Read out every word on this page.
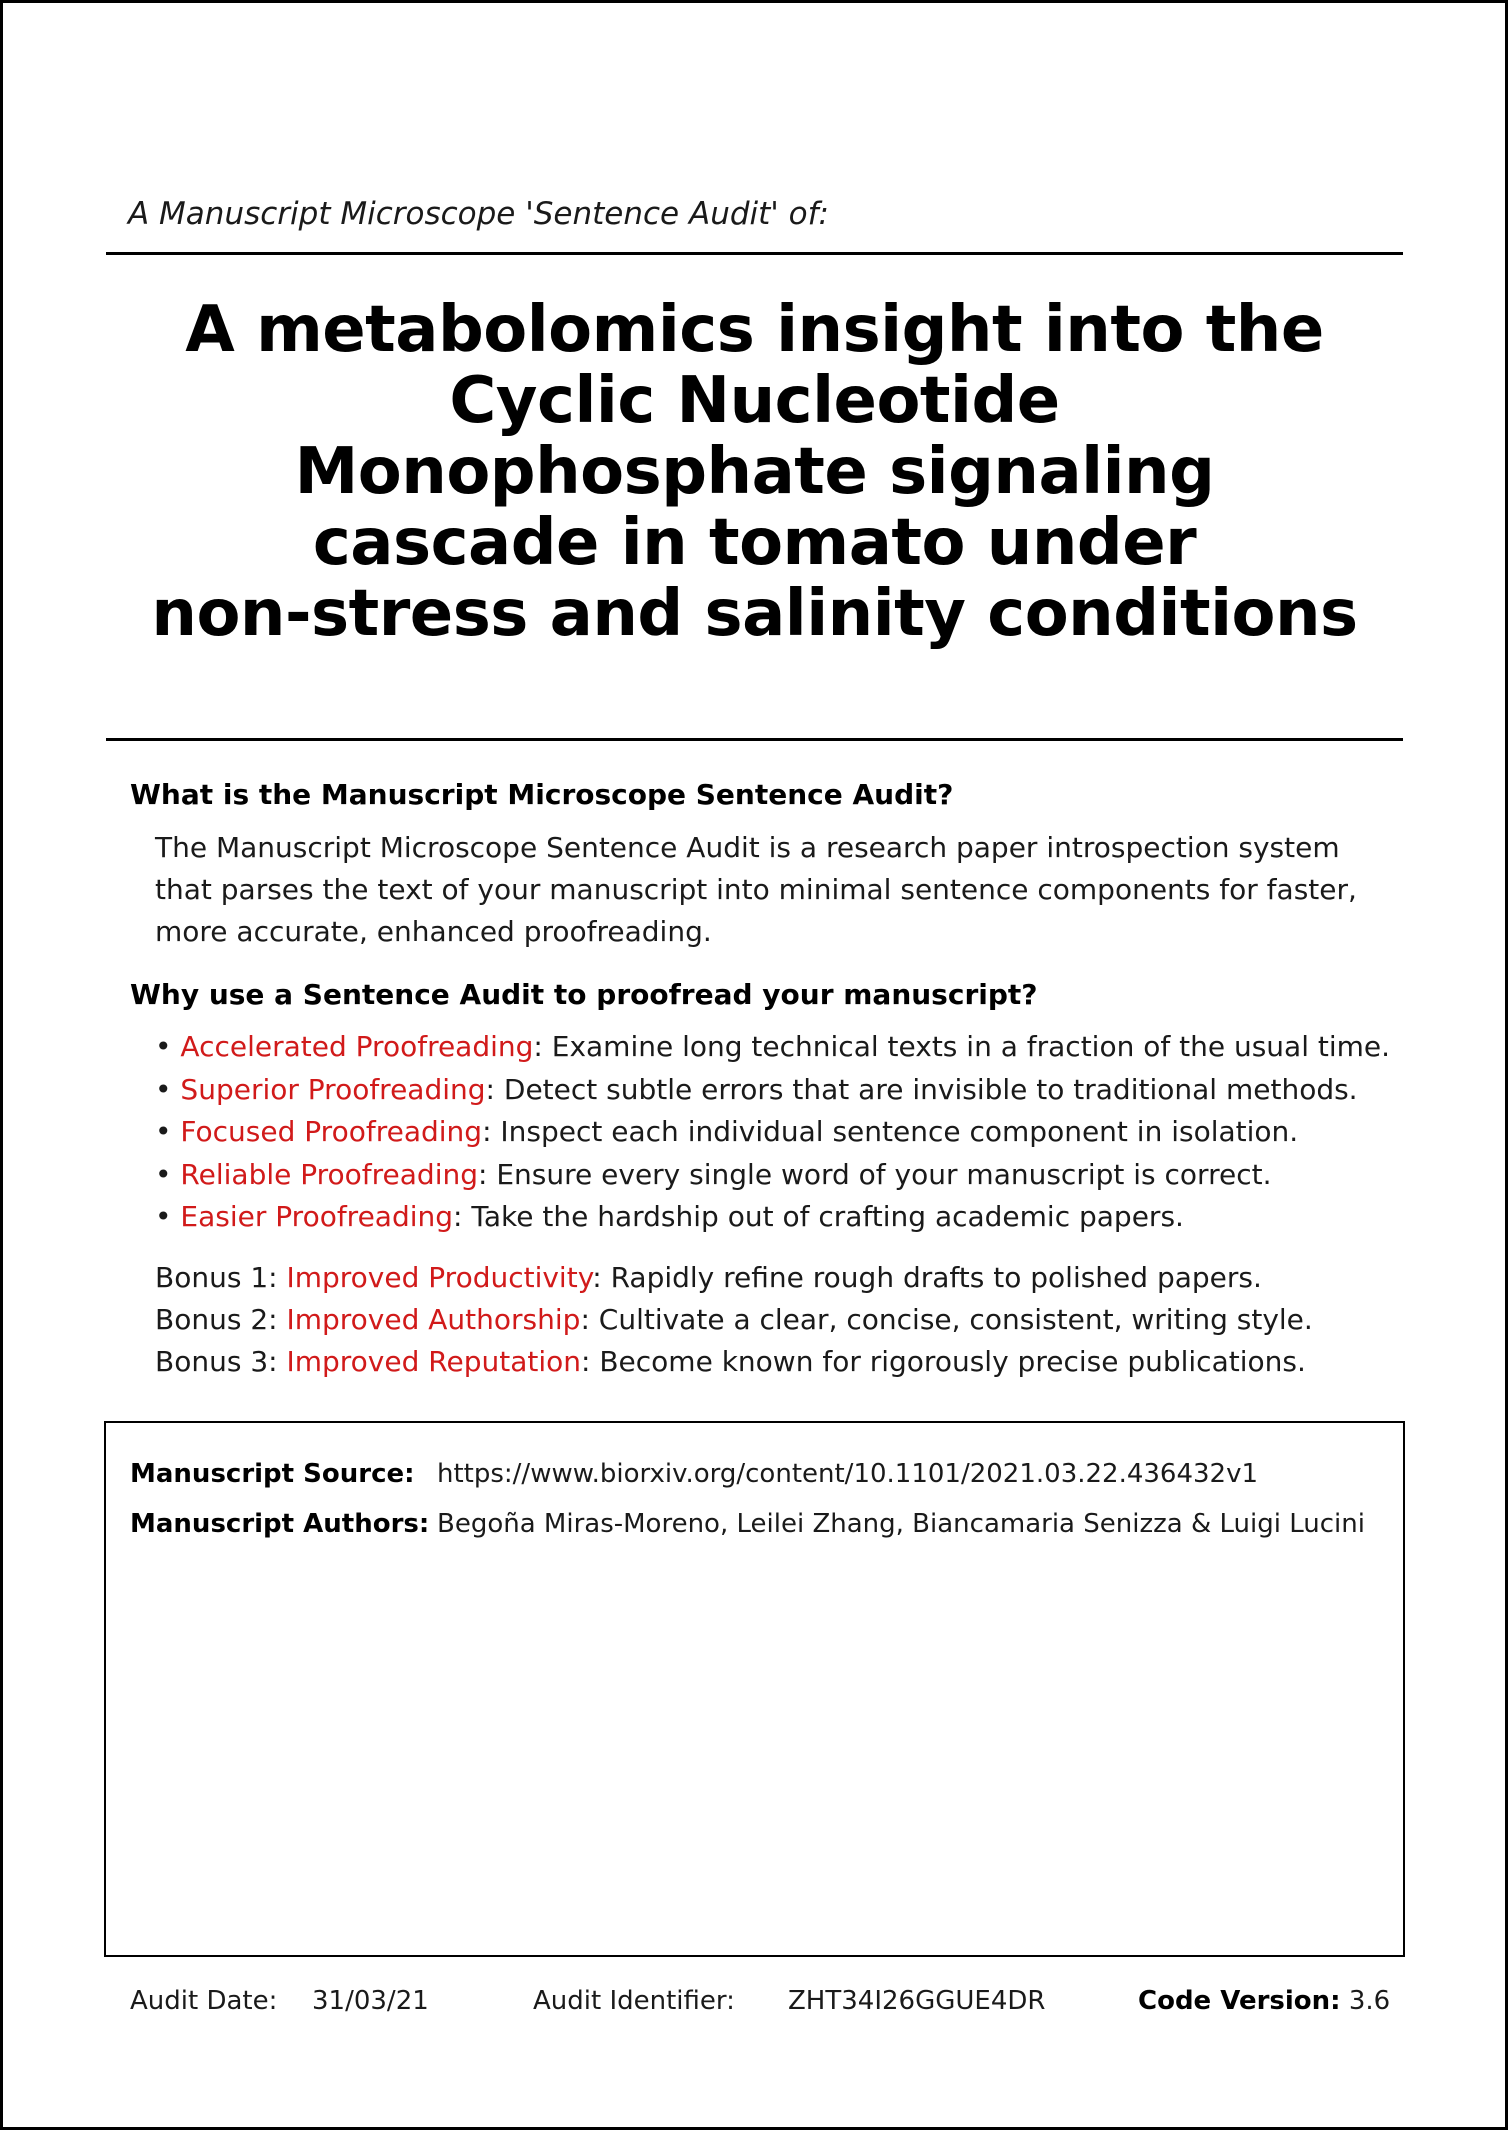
A Manuscript Microscope 'Sentence Audit' of:
A metabolomics insight into the
Cyclic Nucleotide
Monophosphate signaling
cascade in tomato under
non-stress and salinity conditions
What is the Manuscript Microscope Sentence Audit?
The Manuscript Microscope Sentence Audit is a research paper introspection system
that parses the text of your manuscript into minimal sentence components for faster,
more accurate, enhanced proofreading.
Why use a Sentence Audit to proofread your manuscript?
• Accelerated Proofreading: Examine long technical texts in a fraction of the usual time.
• Superior Proofreading: Detect subtle errors that are invisible to traditional methods.
• Focused Proofreading: Inspect each individual sentence component in isolation.
• Reliable Proofreading: Ensure every single word of your manuscript is correct.
• Easier Proofreading: Take the hardship out of crafting academic papers.
Bonus 1: Improved Productivity: Rapidly refine rough drafts to polished papers.
Bonus 2: Improved Authorship: Cultivate a clear, concise, consistent, writing style.
Bonus 3: Improved Reputation: Become known for rigorously precise publications.
Manuscript Source: https://www.biorxiv.org/content/10.1101/2021.03.22.436432v1
Manuscript Authors: Begoña Miras-Moreno, Leilei Zhang, Biancamaria Senizza & Luigi Lucini
Audit Date: 31/03/21	Audit Identifier: ZHT34I26GGUE4DR	Code Version: 3.6
